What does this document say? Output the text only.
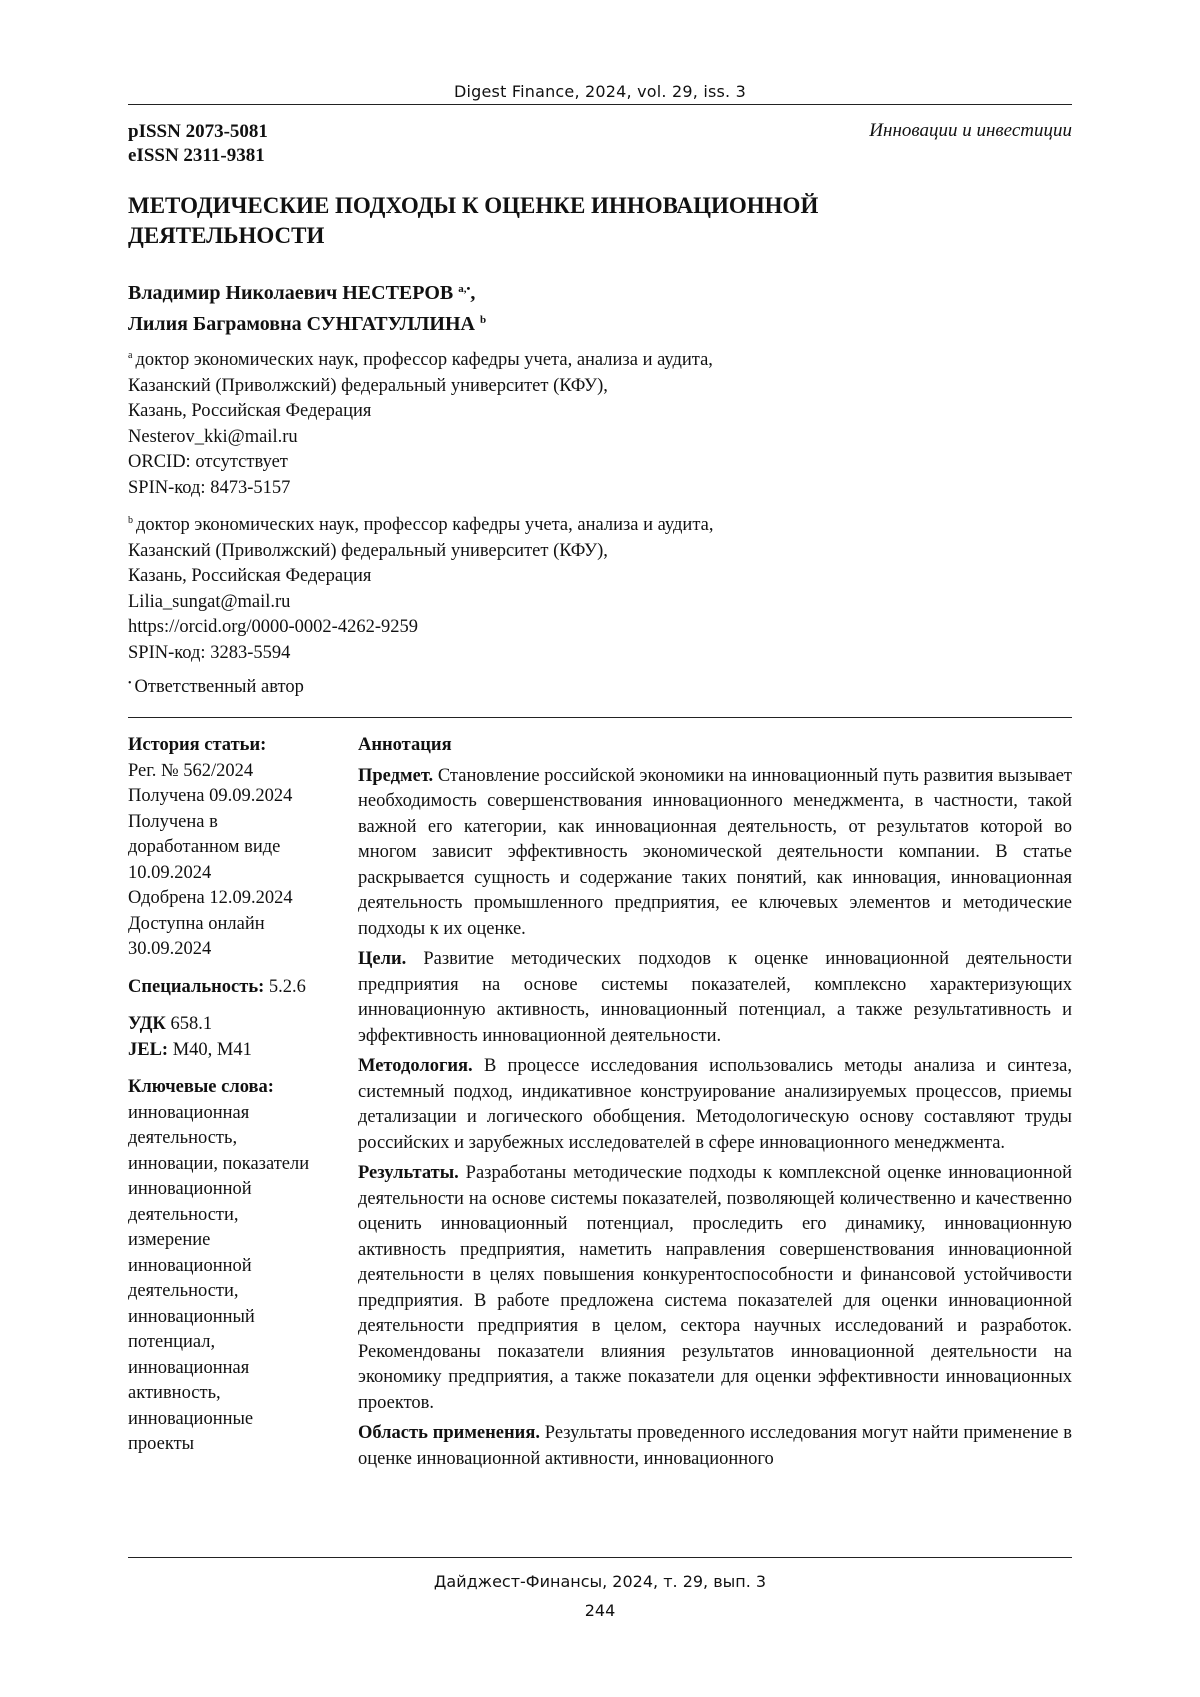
Digest Finance, 2024, vol. 29, iss. 3
pISSN 2073-5081
eISSN 2311-9381
Инновации и инвестиции
МЕТОДИЧЕСКИЕ ПОДХОДЫ К ОЦЕНКЕ ИННОВАЦИОННОЙ
ДЕЯТЕЛЬНОСТИ
Владимир Николаевич НЕСТЕРОВ $^{a,•}$,
Лилия Баграмовна СУНГАТУЛЛИНА $^b$
$^a$ доктор экономических наук, профессор кафедры учета, анализа и аудита,
Казанский (Приволжский) федеральный университет (КФУ),
Казань, Российская Федерация
Nesterov_kki@mail.ru
ORCID: отсутствует
SPIN-код: 8473-5157
$^b$ доктор экономических наук, профессор кафедры учета, анализа и аудита,
Казанский (Приволжский) федеральный университет (КФУ),
Казань, Российская Федерация
Lilia_sungat@mail.ru
https://orcid.org/0000-0002-4262-9259
SPIN-код: 3283-5594
• Ответственный автор
История статьи:
Рег. № 562/2024
Получена 09.09.2024
Получена в
доработанном виде
10.09.2024
Одобрена 12.09.2024
Доступна онлайн
30.09.2024
Специальность: 5.2.6
УДК 658.1
JEL: M40, M41
Ключевые слова:
инновационная
деятельность,
инновации, показатели
инновационной
деятельности,
измерение
инновационной
деятельности,
инновационный
потенциал,
инновационная
активность,
инновационные
проекты

Аннотация

Предмет. Становление российской экономики на инновационный путь развития вызывает необходимость совершенствования инновационного менеджмента, в частности, такой важной его категории, как инновационная деятельность, от результатов которой во многом зависит эффективность экономической деятельности компании. В статье раскрывается сущность и содержание таких понятий, как инновация, инновационная деятельность промышленного предприятия, ее ключевых элементов и методические подходы к их оценке.

Цели. Развитие методических подходов к оценке инновационной деятельности предприятия на основе системы показателей, комплексно характеризующих инновационную активность, инновационный потенциал, а также результативность и эффективность инновационной деятельности.

Методология. В процессе исследования использовались методы анализа и синтеза, системный подход, индикативное конструирование анализируемых процессов, приемы детализации и логического обобщения. Методологическую основу составляют труды российских и зарубежных исследователей в сфере инновационного менеджмента.

Результаты. Разработаны методические подходы к комплексной оценке инновационной деятельности на основе системы показателей, позволяющей количественно и качественно оценить инновационный потенциал, проследить его динамику, инновационную активность предприятия, наметить направления совершенствования инновационной деятельности в целях повышения конкурентоспособности и финансовой устойчивости предприятия. В работе предложена система показателей для оценки инновационной деятельности предприятия в целом, сектора научных исследований и разработок. Рекомендованы показатели влияния результатов инновационной деятельности на экономику предприятия, а также показатели для оценки эффективности инновационных проектов.

Область применения. Результаты проведенного исследования могут найти применение в оценке инновационной активности, инновационного

Дайджест-Финансы, 2024, т. 29, вып. 3
244
